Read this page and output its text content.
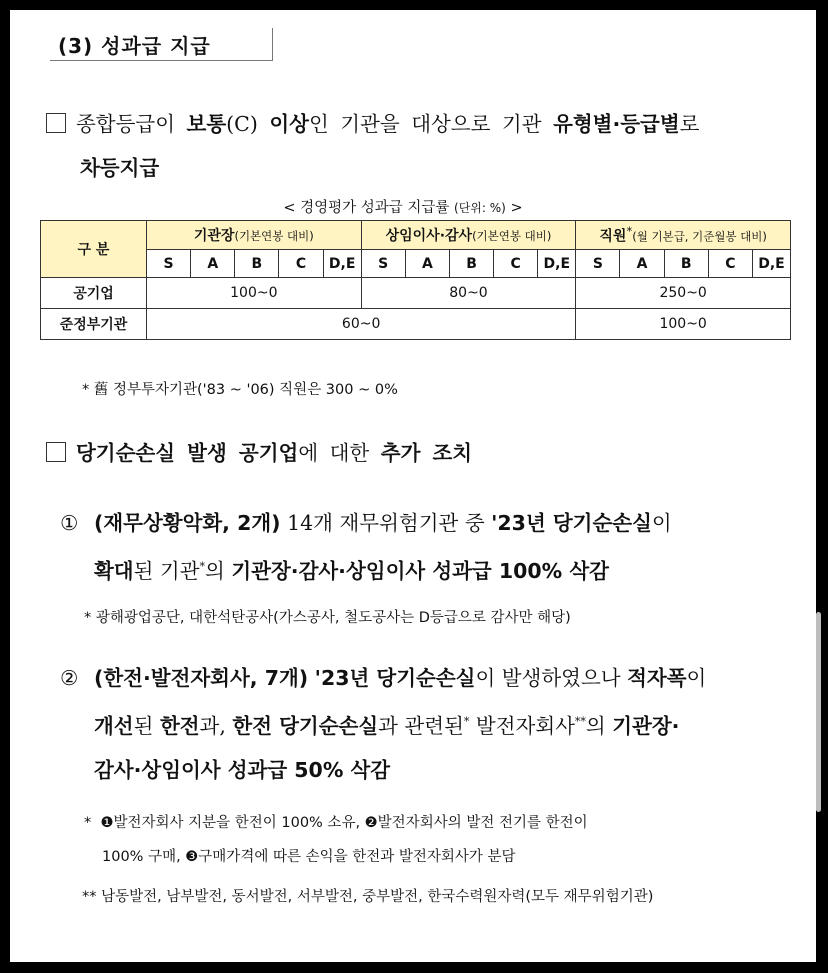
(3) 성과급 지급
종합등급이 보통(C) 이상인 기관을 대상으로 기관 유형별·등급별로
차등지급
< 경영평가 성과급 지급률 (단위: %) >
구 분	기관장(기본연봉 대비)					상임이사·감사(기본연봉 대비)					직원*(월 기본급, 기준월봉 대비)				
	S	A	B	C	D,E	S	A	B	C	D,E	S	A	B	C	D,E
공기업	100~0					80~0					250~0				
준정부기관	60~0										100~0				
* 舊 정부투자기관('83 ~ '06) 직원은 300 ~ 0%
당기순손실 발생 공기업에 대한 추가 조치
① (재무상황악화, 2개) 14개 재무위험기관 중 '23년 당기순손실이
확대된 기관*의 기관장·감사·상임이사 성과급 100% 삭감
* 광해광업공단, 대한석탄공사(가스공사, 철도공사는 D등급으로 감사만 해당)
② (한전·발전자회사, 7개) '23년 당기순손실이 발생하였으나 적자폭이
개선된 한전과, 한전 당기순손실과 관련된* 발전자회사**의 기관장·
감사·상임이사 성과급 50% 삭감
* ❶발전자회사 지분을 한전이 100% 소유, ❷발전자회사의 발전 전기를 한전이
100% 구매, ❸구매가격에 따른 손익을 한전과 발전자회사가 분담
** 남동발전, 남부발전, 동서발전, 서부발전, 중부발전, 한국수력원자력(모두 재무위험기관)
